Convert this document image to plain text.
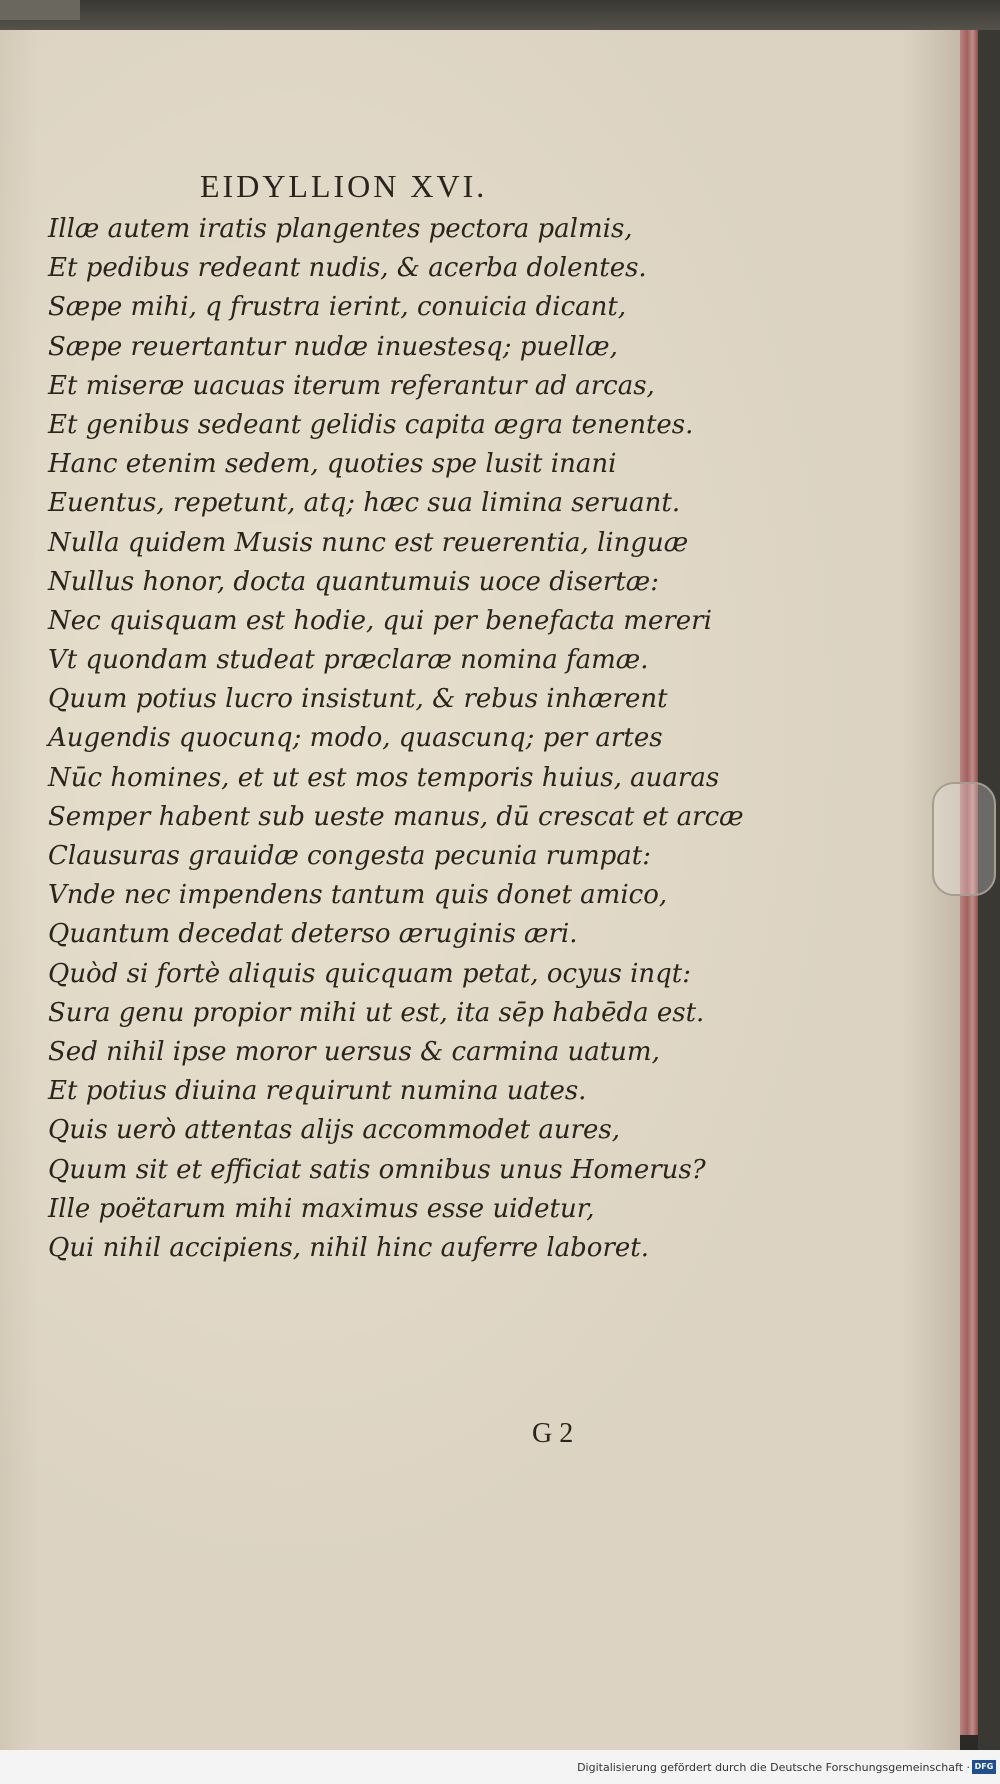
EIDYLLION XVI.
Illæ autem iratis plangentes pectora palmis,
Et pedibus redeant nudis, & acerba dolentes.
Sæpe mihi, q frustra ierint, conuicia dicant,
Sæpe reuertantur nudæ inuestesq; puellæ,
Et miseræ uacuas iterum referantur ad arcas,
Et genibus sedeant gelidis capita ægra tenentes.
Hanc etenim sedem, quoties spe lusit inani
Euentus, repetunt, atq; hæc sua limina seruant.
Nulla quidem Musis nunc est reuerentia, linguæ
Nullus honor, docta quantumuis uoce disertæ:
Nec quisquam est hodie, qui per benefacta mereri
Vt quondam studeat præclaræ nomina famæ.
Quum potius lucro insistunt, & rebus inhærent
Augendis quocunq; modo, quascunq; per artes
Nūc homines, et ut est mos temporis huius, auaras
Semper habent sub ueste manus, dū crescat et arcæ
Clausuras grauidæ congesta pecunia rumpat:
Vnde nec impendens tantum quis donet amico,
Quantum decedat deterso æruginis æri.
Quòd si fortè aliquis quicquam petat, ocyus inqt:
Sura genu propior mihi ut est, ita sēp habēda est.
Sed nihil ipse moror uersus & carmina uatum,
Et potius diuina requirunt numina uates.
Quis uerò attentas alijs accommodet aures,
Quum sit et efficiat satis omnibus unus Homerus?
Ille poëtarum mihi maximus esse uidetur,
Qui nihil accipiens, nihil hinc auferre laboret.
G 2
Digitalisierung gefördert durch die Deutsche Forschungsgemeinschaft · DFG
